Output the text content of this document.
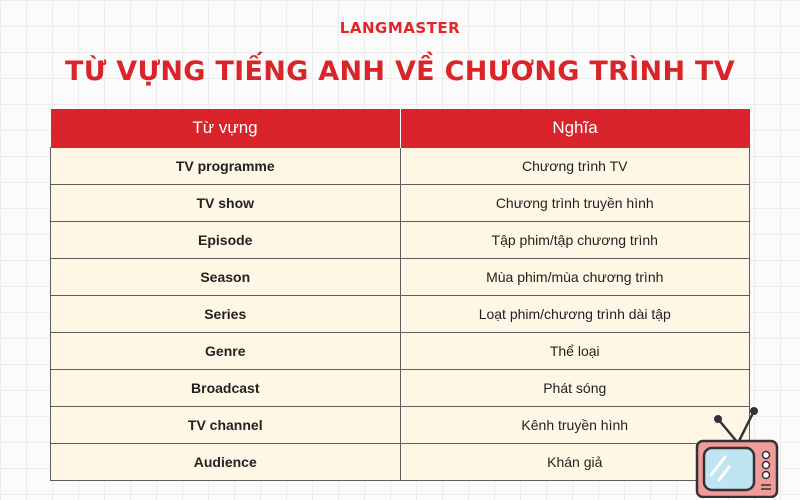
LANGMASTER
TỪ VỰNG TIẾNG ANH VỀ CHƯƠNG TRÌNH TV
Từ vựng	Nghĩa
TV programme	Chương trình TV
TV show	Chương trình truyền hình
Episode	Tập phim/tập chương trình
Season	Mùa phim/mùa chương trình
Series	Loạt phim/chương trình dài tập
Genre	Thể loại
Broadcast	Phát sóng
TV channel	Kênh truyền hình
Audience	Khán giả
